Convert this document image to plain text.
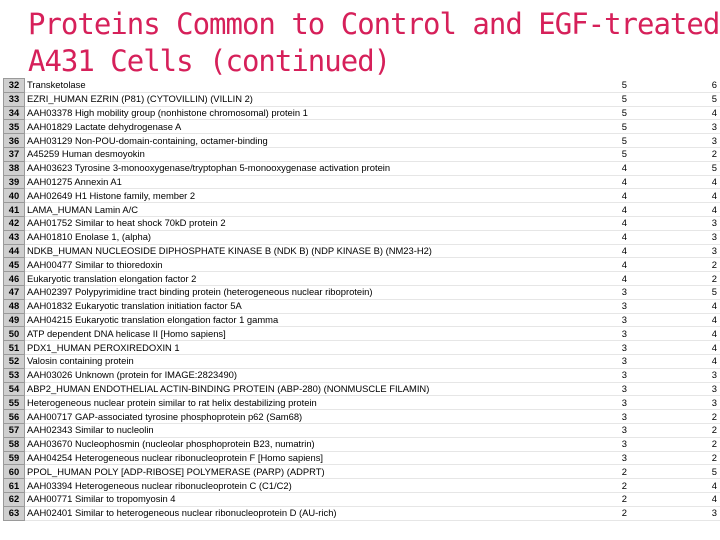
Proteins Common to Control and EGF-treated
A431 Cells (continued)
32	Transketolase	5	6
33	EZRI_HUMAN EZRIN (P81) (CYTOVILLIN) (VILLIN 2)	5	5
34	AAH03378 High mobility group (nonhistone chromosomal) protein 1	5	4
35	AAH01829 Lactate dehydrogenase A	5	3
36	AAH03129 Non-POU-domain-containing, octamer-binding	5	3
37	A45259 Human desmoyokin	5	2
38	AAH03623 Tyrosine 3-monooxygenase/tryptophan 5-monooxygenase activation protein	4	5
39	AAH01275 Annexin A1	4	4
40	AAH02649 H1 Histone family, member 2	4	4
41	LAMA_HUMAN Lamin A/C	4	4
42	AAH01752 Similar to heat shock 70kD protein 2	4	3
43	AAH01810 Enolase 1, (alpha)	4	3
44	NDKB_HUMAN NUCLEOSIDE DIPHOSPHATE KINASE B (NDK B) (NDP KINASE B) (NM23-H2)	4	3
45	AAH00477 Similar to thioredoxin	4	2
46	Eukaryotic translation elongation factor 2	4	2
47	AAH02397 Polypyrimidine tract binding protein (heterogeneous nuclear riboprotein)	3	5
48	AAH01832 Eukaryotic translation initiation factor 5A	3	4
49	AAH04215 Eukaryotic translation elongation factor 1 gamma	3	4
50	ATP dependent DNA helicase II [Homo sapiens]	3	4
51	PDX1_HUMAN PEROXIREDOXIN 1	3	4
52	Valosin containing protein	3	4
53	AAH03026 Unknown (protein for IMAGE:2823490)	3	3
54	ABP2_HUMAN ENDOTHELIAL ACTIN-BINDING PROTEIN (ABP-280) (NONMUSCLE FILAMIN)	3	3
55	Heterogeneous nuclear protein similar to rat helix destabilizing protein	3	3
56	AAH00717 GAP-associated tyrosine phosphoprotein p62 (Sam68)	3	2
57	AAH02343 Similar to nucleolin	3	2
58	AAH03670 Nucleophosmin (nucleolar phosphoprotein B23, numatrin)	3	2
59	AAH04254 Heterogeneous nuclear ribonucleoprotein F [Homo sapiens]	3	2
60	PPOL_HUMAN POLY [ADP-RIBOSE] POLYMERASE (PARP) (ADPRT)	2	5
61	AAH03394 Heterogeneous nuclear ribonucleoprotein C (C1/C2)	2	4
62	AAH00771 Similar to tropomyosin 4	2	4
63	AAH02401 Similar to heterogeneous nuclear ribonucleoprotein D (AU-rich)	2	3
